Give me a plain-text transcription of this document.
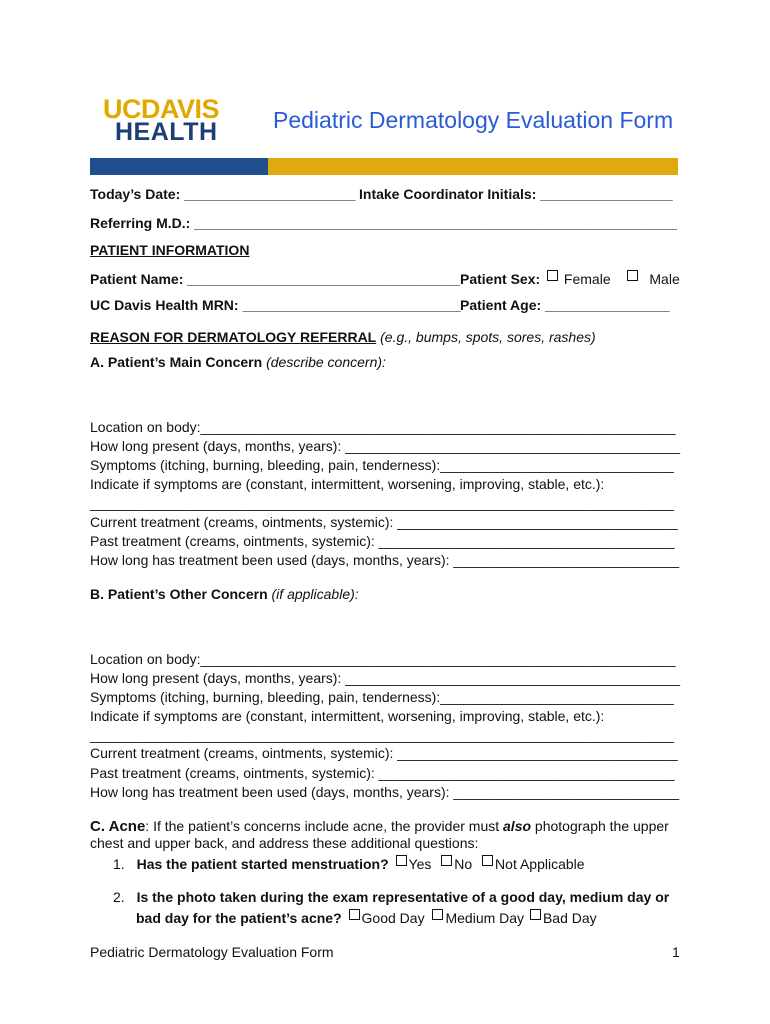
UCDAVIS
HEALTH Pediatric Dermatology Evaluation Form
Today’s Date: ______________________ Intake Coordinator Initials: _________________
Referring M.D.: ______________________________________________________________
PATIENT INFORMATION
Patient Name: ___________________________________ Patient Sex: Female	Male
UC Davis Health MRN: ____________________________ Patient Age: ________________
REASON FOR DERMATOLOGY REFERRAL (e.g., bumps, spots, sores, rashes)
A. Patient’s Main Concern (describe concern):
Location on body:_____________________________________________________________
How long present (days, months, years): ___________________________________________
Symptoms (itching, burning, bleeding, pain, tenderness):______________________________
Indicate if symptoms are (constant, intermittent, worsening, improving, stable, etc.):
___________________________________________________________________________
Current treatment (creams, ointments, systemic): ____________________________________
Past treatment (creams, ointments, systemic): ______________________________________
How long has treatment been used (days, months, years): _____________________________
B. Patient’s Other Concern (if applicable):
Location on body:_____________________________________________________________
How long present (days, months, years): ___________________________________________
Symptoms (itching, burning, bleeding, pain, tenderness):______________________________
Indicate if symptoms are (constant, intermittent, worsening, improving, stable, etc.):
___________________________________________________________________________
Current treatment (creams, ointments, systemic): ____________________________________
Past treatment (creams, ointments, systemic): ______________________________________
How long has treatment been used (days, months, years): _____________________________
C. Acne: If the patient’s concerns include acne, the provider must also photograph the upper
chest and upper back, and address these additional questions:
1. Has the patient started menstruation? Yes No Not Applicable
2. Is the photo taken during the exam representative of a good day, medium day or
bad day for the patient’s acne? Good Day Medium Day Bad Day
Pediatric Dermatology Evaluation Form	1
